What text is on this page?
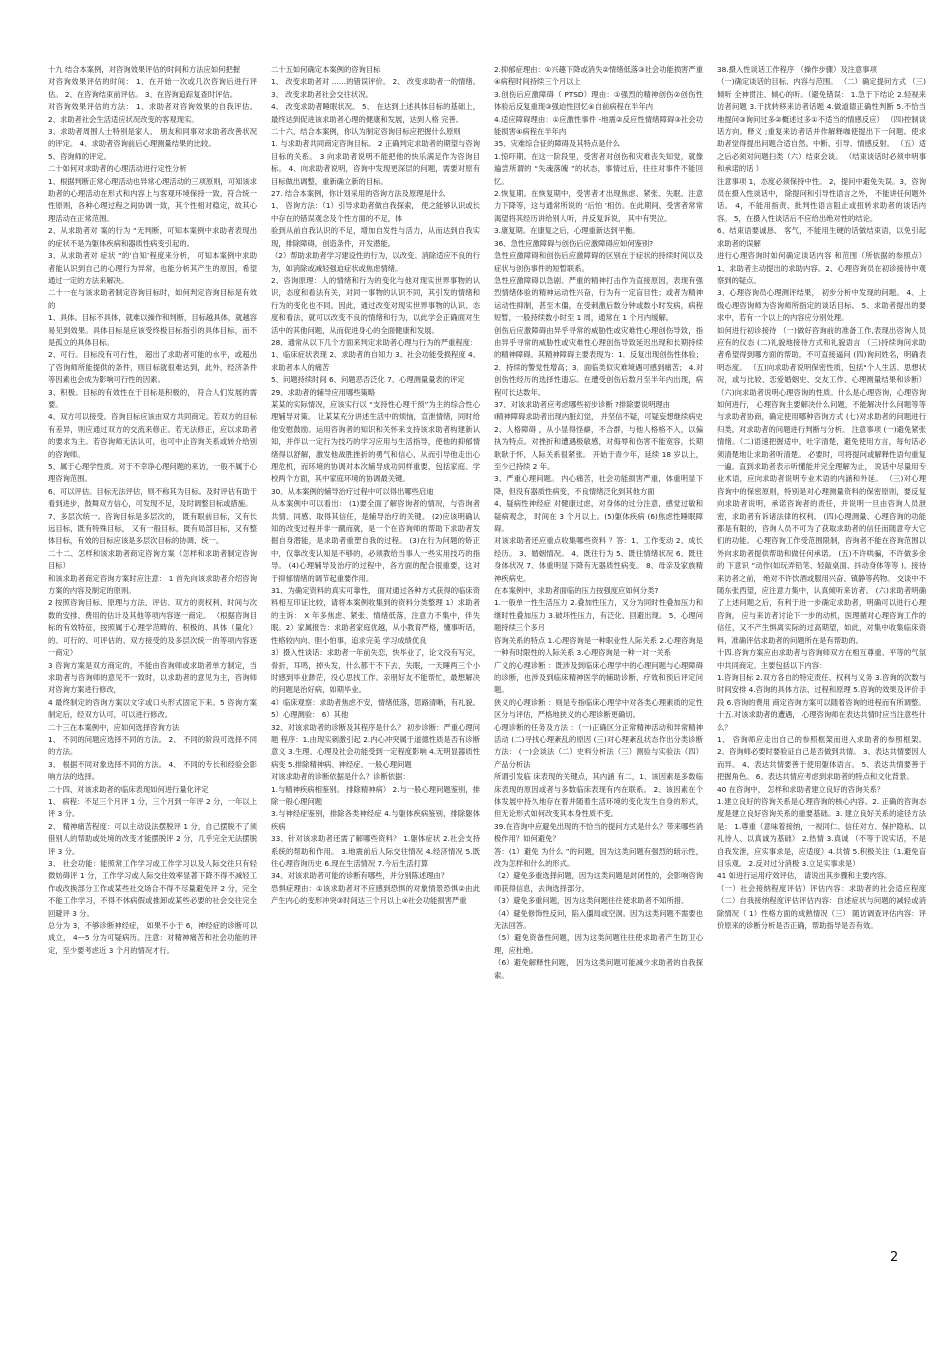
十九 结合本案例，对咨询效果评估的时间和方法应如何把握

对咨询效果评估的时间： 1、在开始一次或几次咨询后进行评估。 2、在咨询结束前评估。 3、在咨询追踪复查时评估。

对咨询效果评估的方法： 1、求助者对咨询效果的自我评估。 2、求助者社会生活适应状况改变的客观现实。

3、求助者周围人士特别是家人、 朋友和同事对求助者改善状况的评定。 4、求助者咨询前后心理测量结果的比较。

5、咨询师的评定。

二十如何对求助者的心理活动进行定性分析

1、根据判断正常心理活动也异常心理活动的三项原则，可知该求助者的心理活动在形式和内容上与客观环境保持一致，符合统一性原则，各种心理过程之间协调一致，其个性相对稳定，故其心理活动在正常范围。

2、从求助者对 案的行为 “无判断，可知本案例中求助者表现出的症状不是为躯体疾病和器质性病变引起的。

3、从求助者对 症状 “的‘自知’程度来分析， 可知本案例中求助者能认识到自己的心理行为异常，也能分析其产生的原因，希望通过一定的方法来解决。

二十一在与该求助者制定咨询目标时，如何判定咨询目标是有效的

1、具体。目标不具体，就难以操作和判断，目标越具体，就越容易见到效果。具体目标是应该受终极目标指引的具体目标，而不是孤立的具体目标。

2、可行。目标没有可行性， 超出了求助者可能的水平，或超出了咨询师所能提供的条件，则目标就很难达到，此外，经济条件等因素也会成为影响可行性的因素。

3、积极。目标的有效性在于目标是积极的， 符合人们发展的需要。

4、双方可以接受。咨询目标应该由双方共同商定。若双方的目标有差异，则应通过双方的交流来修正。若无法修正，应以求助者的要求为主。若咨询师无法认可，也可中止咨询关系或转介给别的咨询师。

5、属于心理学性质。对于不幸诤心理问题的来访，一般不属于心理咨询范围。

6、可以评估。目标无法评估，则不称其为目标。及时评估有助于看到进步，鼓舞双方信心，可发现不足，及时调整目标或措施。

7、多层次统一。咨询目标是多层次的， 既有眼前目标，又有长远目标，既有特殊目标， 又有一般目标，既有局部目标，又有整体目标，有效的目标应该是多层次目标的协调、统一。

二十二、怎样和该求助者商定咨询方案（怎样和求助者制定咨询目标）

和该求助者商定咨询方案时应注意： 1 首先向该求助者介绍咨询方案的内容及制定的原则。

2 按照咨询目标、原理与方法、评估、双方的责权利、时间与次数的安排、费用的估计及其他等项内容逐一商定。 （根据咨询目标的有效特征，按照属于心理学范畴的、积极的、具体（量化）的、可行的、可评估的、双方接受的及多层次统一的等项内容逐一商定）

3 咨询方案是双方商定的，不能由咨询师或求助者单方制定，当求助者与咨询师的意见不一致时，以求助者的意见为主，咨询师对咨询方案进行修改，

4 最终制定的咨询方案以文字或口头形式固定下来。5 咨询方案制定后，经双方认可，可以进行修改。

二十三在本案例中，应如何选择咨询方法

1、 不同的问题应选择不同的方法。 2、 不同的阶段可选择不同的方法。

3、 根据不同对象选择不同的方法。 4、 不同的专长和经验会影响方法的选择。

二十四、对该求助者的临床表现如何进行量化评定

1、 病程：不足三个月评 1 分，三个月到一年评 2 分，一年以上评 3 分。

2、 精神痛苦程度：可以主动设法摆脱评 1 分，自己摆脱不了须借别人的帮助或处境的改变才能摆脱评 2 分，几乎完全无法摆脱评 3 分。

3、 社会功能：能照常工作学习或工作学习以及人际交往只有轻微妨碍评 1 分，工作学习或人际交往效率显著下降不得不减轻工作或改换部分工作或某些社交场合不得不尽量避免评 2 分，完全不能工作学习，不得不休病假或推卸或某些必要的社会交往完全回避评 3 分。

总分为 3，不够诊断神经症， 如果不小于 6，神经症的诊断可以成立， 4—5 分为可疑病历。注意：对精神痛苦和社会功能的评定，至少要考虑近 3 个月的情况才行。

二十五如何确定本案例的咨询目标

1、 改变求助者对 ……的错误评价。 2、 改变求助者一的情绪。 3、 改变求助者社会交往状况。

4、 改变求助者睡眠状况。 5、 在达到上述具体目标的基础上，最终达到促进该求助者心理的健康和发展，达到人格 完善。

二十六、结合本案例，你认为制定咨询目标应把握什么原则

1. 与求助者共同商定咨询目标。 2 正确判定求助者的期望与咨询目标的关系。 3 向求助者说明不能把他的快乐满足作为咨询目标。 4、向求助者说明，咨询中发现更深层的问题，需要对原有目标做出调整，重新确立新的目标。

27. 结合本案例，你计划采用的咨询方法及原理是什么

1、 咨询方法：（1）引导求助者做自我探索， 使之能够认识或长中存在的错误观念及个性方面的不足，体

验到从前自我认识的不足，增加自发性与活力，从而达到自我实现，排除障碍，创造条件，开发潜能。

（2）帮助求助者学习建设性的行为，以改变、消除适应不良的行为，如消除或减轻强迫症状或焦虑情绪。

2、咨询原理：人的情绪和行为的变化与他对现实世界事物的认识，态度和看法有关，对同一事物的认识不同，其引发的情绪和行为的变化也不同。因此，通过改变对现实世界事物的认识、态度和看法，就可以改变不良的情绪和行为，以此学会正确面对生活中的其他问题，从而促进身心的全面健康和发展。

28、通常从以下几个方面来判定求助者心理与行为的严重程度：

1、临床症状表现 2、求助者的自知力 3、社会功能受损程度 4、求助者本人的痛苦

5、问题持续时间 6、问题恶否泛化 7、心理测量量表的评定

29、求助者的辅导应用哪些策略

某某的实际情况，应该实行以 “支持性心理干预”为主的综合性心理辅导对策。 让某某充分讲述生活中的烦恼，宣泄情绪，同时给他安慰鼓励。运用咨询者的知识和关怀来支持该求助者构建新认知，并伴以一定行为技巧的学习应用与生活指导，使他的抑郁情绪得以舒解，激发他战胜挫折的勇气和信心，从而引导他走出心理危机，而环境的协调对本次辅导成功同样重要，包括家庭、学校两个方面，其中家庭环境的协调最关键。

30、从本案例的辅导治疗过程中可以得出哪些启迪

从本案例中可以看出： (1)要全面了解咨询者的情况，与咨询者共情、同感、取得其信任，是辅导治疗的关键。 (2)应该明确认知的改变过程并非一蹴而就，是一个在咨询师的帮助下求助者发掘自身潜能，是求助者重塑自我的过程。 (3)在行为问题的矫正中，仅靠改变认知是不够的，必须教给当事人一些实用技巧的指导。 (4)心理辅导及治疗的过程中，各方面的配合很重要，这对于抑郁情绪的调节起重要作用。

31、为确定资料的真实可靠性， 面对通过各种方式获得的临床资料相互印证比较，请将本案例收集到的资料分类整理 1）求助者的主诉： X 年多焦虑、紧张、情绪低落，注意力不集中，伴失眠。2）家属报告：求助者家庭优越，从小教育严格，懂事听话，性格较内向、胆小怕事，追求完美 学习成绩优良

3）摄入性谈话：求助者一年前失恋，快毕业了，论文没有写完，骨折，耳鸣，掉头发，什么都干不下去，失眠，一天睡两三个小时感到毕业渺茫，没心思找工作。亲朋好友不能帮忙，最想解决的问题是治好病，如期毕业。

4）临床观察：求助者焦虑不安，情绪低落，思路清晰，有礼貌。

5）心理测验： 6）其他

32、对该求助者的诊断及其程序是什么？ 初步诊断：严重心理问题 程序：1.由现实刺激引起 2.内心冲突属于道德性质是否有诊断意义 3.生理、心理及社会功能受到一定程度影响 4.无明显器质性病变 5.排除精神病、神经症、一般心理问题

对该求助者的诊断依据是什么？诊断依据：

1.与精神疾病相鉴别。 排除精神病） 2.与一般心理问题鉴别，排除一般心理问题

3.与神经症鉴别，排除各类神经症 4.与躯体疾病鉴别，排除躯体疾病

33、针对该求助者还需了解哪些资料？ 1.躯体症状 2.社会支持系统的帮助和作用。 3.地震前后人际交往情况 4.经济情况 5.既往心理咨询历史 6.现在生活情况 7.今后生活打算

34、对该求助者可能的诊断有哪些，并分别陈述理由？

恐惧症理由：①该求助者对不应感到恐惧的对象情景恐惧②由此产生内心的变形冲突③时间达三个月以上④社会功能损害严重

2.抑郁症理由：①兴趣下降或消失②情绪低落③社会功能损害严重④病程时间持续三个月以上

3.创伤后应激障碍（ PTSD）理由：①强烈的精神创伤②创伤性体验后反复重现③强迫性回忆④自前病程在半年内

4.适应障碍理由：①应激性事件 -地震②反应性情绪障碍③社会功能损害④病程在半年内

35、灾难综合征的障碍及其特点是什么

1.惊吓期。在这一阶段里，受害者对创伤和灾难丧失知觉，就像遍尝所谓的 “失魂落魄 ”的状态，事情过后，往往对事件不能回忆。

2.恢复期。在恢复期中，受害者才出现焦虑、紧张、失眠、注意力下降等，这与通常所说的 ‘后怕 ’相仿。在此期间，受害者常常渴望将其经历讲给别人听，并反复诉说， 其中有哭泣。

3.康复期。在康复之后，心理重新达到平衡。

36、急性应激障碍与创伤后应激障碍应如何鉴别?

急性应激障碍和创伤后应激障碍的区别在于症状的持续时间以及症状与创伤事件的短暂联系。

急性应激障碍以急剧、严重的精神打击作为直接原因，表现有强烈情绪体验的精神运动性兴奋，行为有一定盲目性；或者为精神运动性抑制，甚至木僵，在受刺激后数分钟或数小时发病，病程短暂，一般持续数小时至 1 周，通常在 1 个月内缓解。

创伤后应激障碍由异乎寻常的威胁性或灾难性心理创伤导致，指由异乎寻常的威胁性或灾难性心理创伤导致延迟出现和长期持续的精神障碍。其精神障碍主要表现为：1．反复出现创伤性体验；2．持续的警觉性增高；3．面临类似灾难境遇可感到痛苦； 4.对创伤性经历的选择性遗忘。在遭受创伤后数月至半年内出现，病程可长达数年。

37、对该求助者应考虑哪些初步诊断 ?排除要说明理由

Ⅰ精神障碍求助者出现内脏幻觉， 并坚信不疑，可疑妄想继续病史

2、人格障碍 ，从小显得怪癖，不合群，与他人格格不入，以偏执为特点。对挫折和遭遇极敏感，对侮辱和伤害不能宽容，长期耿耿于怀，人际关系很紧张。 开始于青少年，延续 18 岁以上，至少已持续 2 年。

3、严重心理问题。 内心痛苦，社会功能损害严重，体重明显下降，但没有器质性病变，不良情绪泛化到其他方面

4、疑病性神经症 对健康过虑，对身体的过分注意，感觉过敏和疑病观念， 时间在 3 个月以上。(5)躯体疾病 (6)焦虑性睡眠障碍。

对该求助者还应重点收集哪些资料 ？答：1、工作变动 2、成长经历。 3、婚姻情况。 4、既往行为 5、既往情绪状况 6、既往身体状况 7、体重明显下降有无器质性病变。 8、母亲及家族精神疾病史。

在本案例中，求助者面临的压力按强度应如何分类?

1.一般单一性生活压力 2.叠加性压力，又分为同时性叠加压力和继时性叠加压力 3.破坏性压力，有泛化、回避出现。 5、心理问题持续三个多月

咨询关系的特点 1.心理咨询是一种职业性人际关系 2.心理咨询是一种有时限性的人际关系 3.心理咨询是一种一对一关系

广义的心理诊断 ：既涉及到临床心理学中的心理问题与心理障碍的诊断，也涉及到临床精神医学的辅助诊断，疗效和预后评定问题。

狭义的心理诊断 ：则是专指临床心理学中对各类心理素质的定性区分与评估，严格地狭义的心理诊断更确切。

心理诊断的任务及方法 ：（一)正确区分正常精神活动和异常精神活动 (二)寻找心理紊乱的原因 (三)对心理紊乱状态作出分类诊断 方法： (一)会谈法（二）史料分析法（三）测验与实验法（四）产品分析法

所谓引发临 床表现的关键点，其内涵 有二，1、该因素是多数临床表现的原因或者与多数临床表现有内在联系。 2、该因素在个体发展中持久地存在着并随着生活环境的变化发生自身的形式，但无论形式如何改变其本身性质不变。

39.在咨询中应避免出现的不恰当的提问方式是什么？带来哪些消极作用？如何避免？

答：(1）避免 为什么 ”的问题，因为这类问题有强烈的暗示性，改为怎样和什么的形式。

（2）避免多重选择问题，因为这类问题是封闭性的，会影响咨询师获得信息，去询选择部分。

（3）避免多重问题，因为这类问题往往使求助者不知所措。

（4）避免修饰性反问，陷入僵局或空洞。因为这类问题不需要也无法回答。

（5）避免资备性问题，因为这类问题往往使求助者产生防卫心理，应杜绝。

（6）避免解释性问题， 因为这类问题可能减少求助者的自我探索。

38.摄入性谈话工作程序 （操作步骤）及注意事项

（一)确定谈话的目标、内容与范围。 （二）确定提问方式 （三)倾听 全神贯注、倾心的听。（避免错误： 1.急于下结论 2.轻视来访者问题 3.干扰转移来访者话题 4.做道德正确性判断 5.不恰当地提问③询问过多②概述过多①不适当的情感反应） （四)控制谈话方向。释义 ;重复来访者话并作解释咖使提出下一问题。使求助者觉得提出问题合适自然。中断、引导、情感反射。 （五）适之后必须对问题扫类（六）结束会谈。 （结束谈话时必须申明事和承诺的话 ）

注意事项 1，态度必须保持中性。 2，提问中避免失误。3，咨询员在摄入性谈话中， 除提问和引导性语言之外， 不能讲任何题外话。 4，不能用指责、批判性语言阻止或扭转求助者的谈话内容。 5，在摄入性谈话后不应给出绝对性的结论。

6、结束语要诚恳、 客气，不能用生硬的话做结束语，以免引起求助者的误解

进行心理咨询时如何确定谈话内容 和范围（所依据的参照点） 1、求助者主动提出的求助内容。2、心理咨询员在初诊接待中观察到的疑点。

3、心理咨询员心理测评结果， 初步分析中发现的问题。 4、上级心理咨询师为咨询师所指定的谈话目标。 5、求助者提出的要求中，若有一个以上的内容应分别处理。

如何进行初诊接待 （一)做好咨询前的准备工作,表现出咨询人员应有的仪态 (二)礼貌地接待方式和礼貌语言 （三)持续询问求助者希望得到哪方面的帮助，不可直接逼问 (四)询问姓名，明确表明态度。 （五)向求助者说明保密性质，包括"个人生活、思想状况，或与比较、恋爱婚姻史、交友工作、心理测量结果和诊断） （六)向求助者说明心理咨询的性质。什么是心理咨询，心理咨询如何进行， 心理咨询主要解决什么问题，不能解决什么问题等等与求助者协商，确定使用哪种咨询方式 (七)对求助者的问题进行归类。对求助者的问题进行判断与分析。 注意事项 (一)避免紧张情绪。（二)语速把握适中，吐字清楚，避免使用方言，每句话必须清楚地让求助者听清楚。 必要时，可将提问或解释性语句重复一遍。直到求助者表示听懂能并完全理解为止， 说话中尽量用专业术语，应向求助者说明专业术语的内涵和外延。 （三)对心理咨询中的保密原则，特别是对心理测量资料的保密原则，要反复向求助者说明，承诺咨询者的责任，并说明一旦由咨询人员泄密，求助者有诉诸法律的权利。 (四)心理测量、心理咨询的功能都是有限的，咨询人员不可为了获取求助者的信任而随意夸大它们的功能。 心理咨询工作受范围限制，咨询者不能在咨询范围以外向求助者提供帮助和做任何承诺。 (五)不许哄骗，不许做多余的 下意识 ”动作(如玩弄铅笔、轻敲桌面、抖动身体等等 )。接待来访者之前， 绝对不许饮酒或服用兴奋、镇静等药物。 交谈中不随东张西望，应注意力集中，认真倾听来访者。 (六)求助者明确了上述问题之后，有利于进一步确定求助者，明确可以进行心理咨询， 应与来访者讨论下一步的动机，医理循对心理咨询工作的信任，又不产生惧离实际的过高期望，如此，对集中收集临床资料，准确评估求助者的问题所在是有帮助的。

十四.咨询方案应由求助者与咨询师双方在相互尊重、平等的气氛中共同商定。主要包括以下内容：

1.咨询目标 2.双方各自的特定责任、权利与义务 3.咨询的次数与时间安排 4.咨询的具体方法、过程和原理 5.咨询的效果及评价手段 6.咨询的费用 商定咨询方案可以随着咨询的进程而有所调整。

十五.对该求助者的遭遇， 心理咨询师在表达共情时应当注意些什么？

1、 咨询师应走出自己的参照框架而进入求助者的参照框架。 2、咨询师必要时要验证自己是否做到共情。 3、表达共情要因人而异。 4、表达共情要善于使用躯体语言。 5、表达共情要善于把握角色。 6、表达共情应考虑到求助者的特点和文化背景。

40 在咨询中， 怎样和求助者建立良好的咨询关系？

1.建立良好的咨询关系是心理咨询的核心内容。2. 正确的咨询态度是建立良好咨询关系的重要基础。3. 建立良好关系的途径方法是： 1.尊重（意味着接纳，一视同仁、信任对方、保护隐私、以礼待人、以真诚为基础） 2.热情 3.真诚 （不等于说实话，不是自我发泄，应实事求是，应适度）4.共情 5.积极关注（1.避免盲目乐观。 2.反对过分消极 3.立足实事求是）

41 如进行运用疗效评估， 请说出其步骤和主要内容。

（一）社会接纳程度评估）评估内容：求助者的社会适应程度（二）自我接纳程度评估评估内容：自述症状与问题的减轻或消除情况（ 1）性格方面的成熟情况（三） 随访调查评估内容：评价原来的诊断分析是否正确，帮助指导是否有效。

2
